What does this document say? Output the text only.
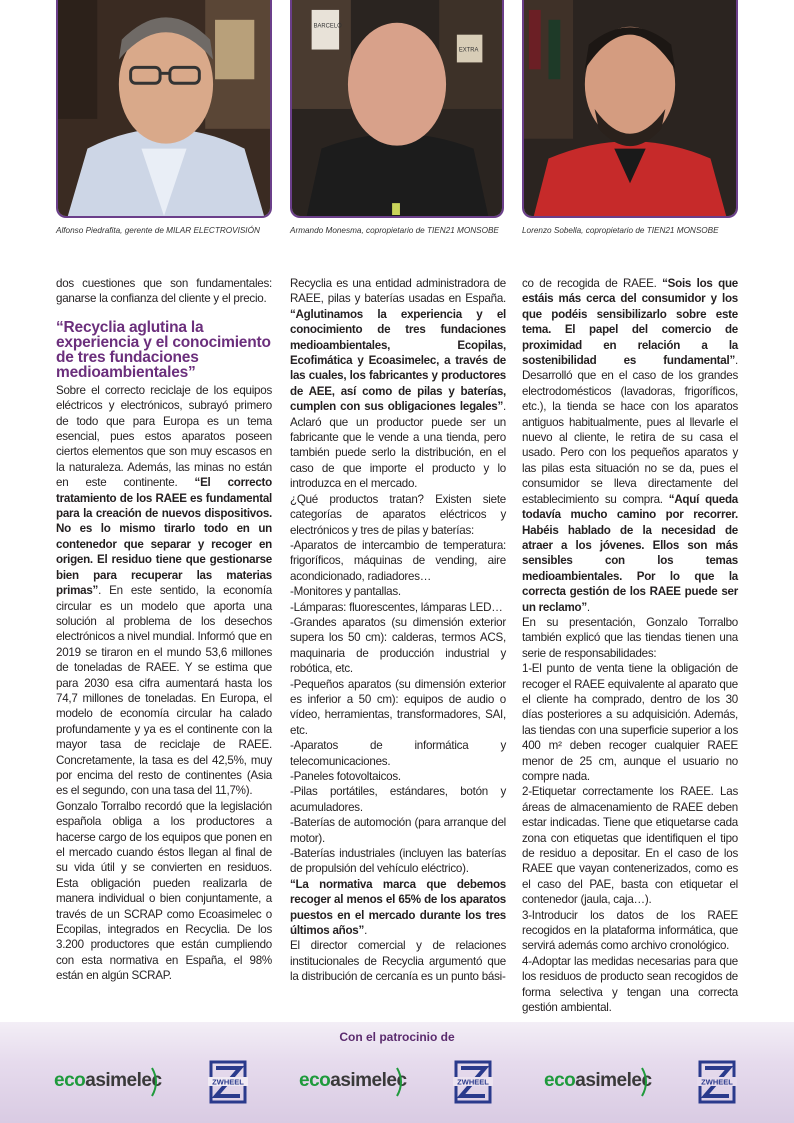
BARCELÓ
EXTRA
Alfonso Piedrafita, gerente de MILAR ELECTROVISIÓN	Armando Monesma, copropietario de TIEN21 MONSOBE	Lorenzo Sobella, copropietario de TIEN21 MONSOBE

dos cuestiones que son fundamentales: ganarse la confianza del cliente y el precio.

“Recyclia aglutina la experiencia y el conocimiento de tres fundaciones medioambientales”

Sobre el correcto reciclaje de los equipos eléctricos y electrónicos, subrayó primero de todo que para Europa es un tema esencial, pues estos aparatos poseen ciertos elementos que son muy escasos en la naturaleza. Además, las minas no están en este continente. “El correcto tratamiento de los RAEE es fundamental para la creación de nuevos dispositivos. No es lo mismo tirarlo todo en un contenedor que separar y recoger en origen. El residuo tiene que gestionarse bien para recuperar las materias primas”. En este sentido, la economía circular es un modelo que aporta una solución al problema de los desechos electrónicos a nivel mundial. Informó que en 2019 se tiraron en el mundo 53,6 millones de toneladas de RAEE. Y se estima que para 2030 esa cifra aumentará hasta los 74,7 millones de toneladas. En Europa, el modelo de economía circular ha calado profundamente y ya es el continente con la mayor tasa de reciclaje de RAEE. Concretamente, la tasa es del 42,5%, muy por encima del resto de continentes (Asia es el segundo, con una tasa del 11,7%).

Gonzalo Torralbo recordó que la legislación española obliga a los productores a hacerse cargo de los equipos que ponen en el mercado cuando éstos llegan al final de su vida útil y se convierten en residuos. Esta obligación pueden realizarla de manera individual o bien conjuntamente, a través de un SCRAP como Ecoasimelec o Ecopilas, integrados en Recyclia. De los 3.200 productores que están cumpliendo con esta normativa en España, el 98% están en algún SCRAP.

Recyclia es una entidad administradora de RAEE, pilas y baterías usadas en España. “Aglutinamos la experiencia y el conocimiento de tres fundaciones medioambientales, Ecopilas, Ecofimática y Ecoasimelec, a través de las cuales, los fabricantes y productores de AEE, así como de pilas y baterías, cumplen con sus obligaciones legales”. Aclaró que un productor puede ser un fabricante que le vende a una tienda, pero también puede serlo la distribución, en el caso de que importe el producto y lo introduzca en el mercado.

¿Qué productos tratan? Existen siete categorías de aparatos eléctricos y electrónicos y tres de pilas y baterías:

-Aparatos de intercambio de temperatura: frigoríficos, máquinas de vending, aire acondicionado, radiadores…

-Monitores y pantallas.

-Lámparas: fluorescentes, lámparas LED…

-Grandes aparatos (su dimensión exterior supera los 50 cm): calderas, termos ACS, maquinaria de producción industrial y robótica, etc.

-Pequeños aparatos (su dimensión exterior es inferior a 50 cm): equipos de audio o vídeo, herramientas, transformadores, SAI, etc.

-Aparatos de informática y telecomunicaciones.

-Paneles fotovoltaicos.

-Pilas portátiles, estándares, botón y acumuladores.

-Baterías de automoción (para arranque del motor).

-Baterías industriales (incluyen las baterías de propulsión del vehículo eléctrico).

“La normativa marca que debemos recoger al menos el 65% de los aparatos puestos en el mercado durante los tres últimos años”.

El director comercial y de relaciones institucionales de Recyclia argumentó que la distribución de cercanía es un punto bási-

co de recogida de RAEE. “Sois los que estáis más cerca del consumidor y los que podéis sensibilizarlo sobre este tema. El papel del comercio de proximidad en relación a la sostenibilidad es fundamental”. Desarrolló que en el caso de los grandes electrodomésticos (lavadoras, frigoríficos, etc.), la tienda se hace con los aparatos antiguos habitualmente, pues al llevarle el nuevo al cliente, le retira de su casa el usado. Pero con los pequeños aparatos y las pilas esta situación no se da, pues el consumidor se lleva directamente del establecimiento su compra. “Aquí queda todavía mucho camino por recorrer. Habéis hablado de la necesidad de atraer a los jóvenes. Ellos son más sensibles con los temas medioambientales. Por lo que la correcta gestión de los RAEE puede ser un reclamo”.

En su presentación, Gonzalo Torralbo también explicó que las tiendas tienen una serie de responsabilidades:

1-El punto de venta tiene la obligación de recoger el RAEE equivalente al aparato que el cliente ha comprado, dentro de los 30 días posteriores a su adquisición. Además, las tiendas con una superficie superior a los 400 m² deben recoger cualquier RAEE menor de 25 cm, aunque el usuario no compre nada.

2-Etiquetar correctamente los RAEE. Las áreas de almacenamiento de RAEE deben estar indicadas. Tiene que etiquetarse cada zona con etiquetas que identifiquen el tipo de residuo a depositar. En el caso de los RAEE que vayan contenerizados, como es el caso del PAE, basta con etiquetar el contenedor (jaula, caja…).

3-Introducir los datos de los RAEE recogidos en la plataforma informática, que servirá además como archivo cronológico.

4-Adoptar las medidas necesarias para que los residuos de producto sean recogidos de forma selectiva y tengan una correcta gestión ambiental.

Con el patrocinio de
ecoasimelec	ZWHEEL	ecoasimelec	ZWHEEL	ecoasimelec	ZWHEEL
